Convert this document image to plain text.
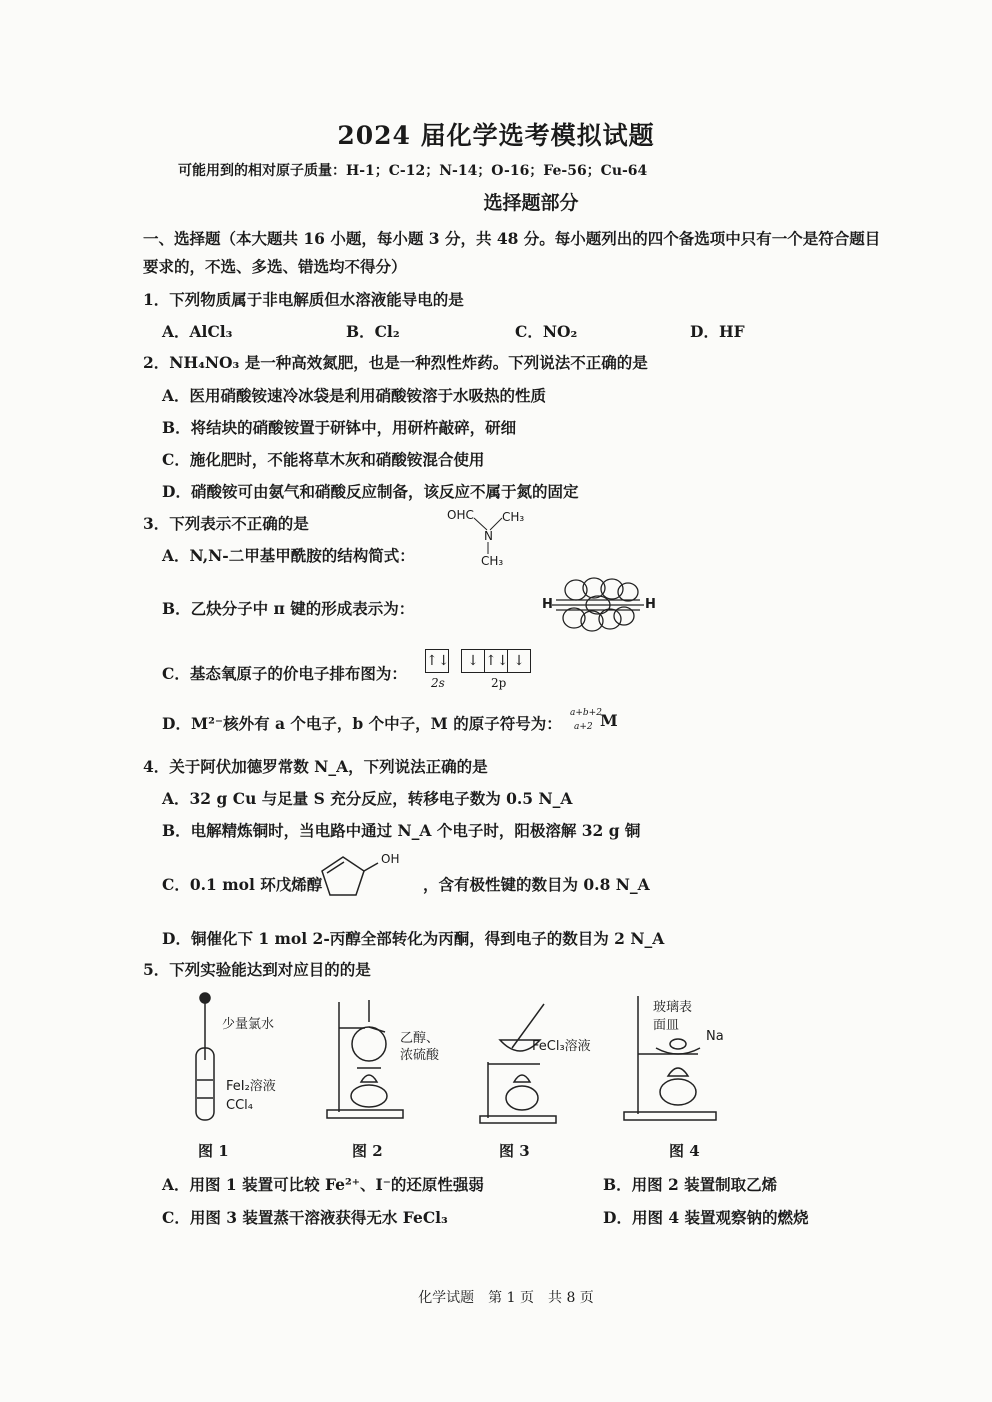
2024 届化学选考模拟试题
可能用到的相对原子质量：H-1；C-12；N-14；O-16；Fe-56；Cu-64
选择题部分
一、选择题（本大题共 16 小题，每小题 3 分，共 48 分。每小题列出的四个备选项中只有一个是符合题目
要求的，不选、多选、错选均不得分）
1．下列物质属于非电解质但水溶液能导电的是
A．AlCl₃	B．Cl₂	C．NO₂	D．HF
2．NH₄NO₃ 是一种高效氮肥，也是一种烈性炸药。下列说法不正确的是
A．医用硝酸铵速冷冰袋是利用硝酸铵溶于水吸热的性质
B．将结块的硝酸铵置于研钵中，用研杵敲碎，研细
C．施化肥时，不能将草木灰和硝酸铵混合使用
D．硝酸铵可由氨气和硝酸反应制备，该反应不属于氮的固定
3．下列表示不正确的是
A．N,N-二甲基甲酰胺的结构简式：
OHC CH₃
N
CH₃
B．乙炔分子中 π 键的形成表示为：	H	H
C．基态氧原子的价电子排布图为：
↑↓	↓ ↑↓ ↓
2s	2p
D．M²⁻核外有 a 个电子，b 个中子，M 的原子符号为：
a+b+2
a+2 M
4．关于阿伏加德罗常数 N_A，下列说法正确的是
A．32 g Cu 与足量 S 充分反应，转移电子数为 0.5 N_A
B．电解精炼铜时，当电路中通过 N_A 个电子时，阳极溶解 32 g 铜
C．0.1 mol 环戊烯醇
OH
，含有极性键的数目为 0.8 N_A
D．铜催化下 1 mol 2-丙醇全部转化为丙酮，得到电子的数目为 2 N_A
5．下列实验能达到对应目的的是
少量氯水
FeI₂溶液
CCl₄
图 1
乙醇、
浓硫酸
图 2
FeCl₃溶液
图 3
玻璃表
面皿
Na
图 4
A．用图 1 装置可比较 Fe²⁺、I⁻的还原性强弱	B．用图 2 装置制取乙烯
C．用图 3 装置蒸干溶液获得无水 FeCl₃	D．用图 4 装置观察钠的燃烧
化学试题　第 1 页　共 8 页
